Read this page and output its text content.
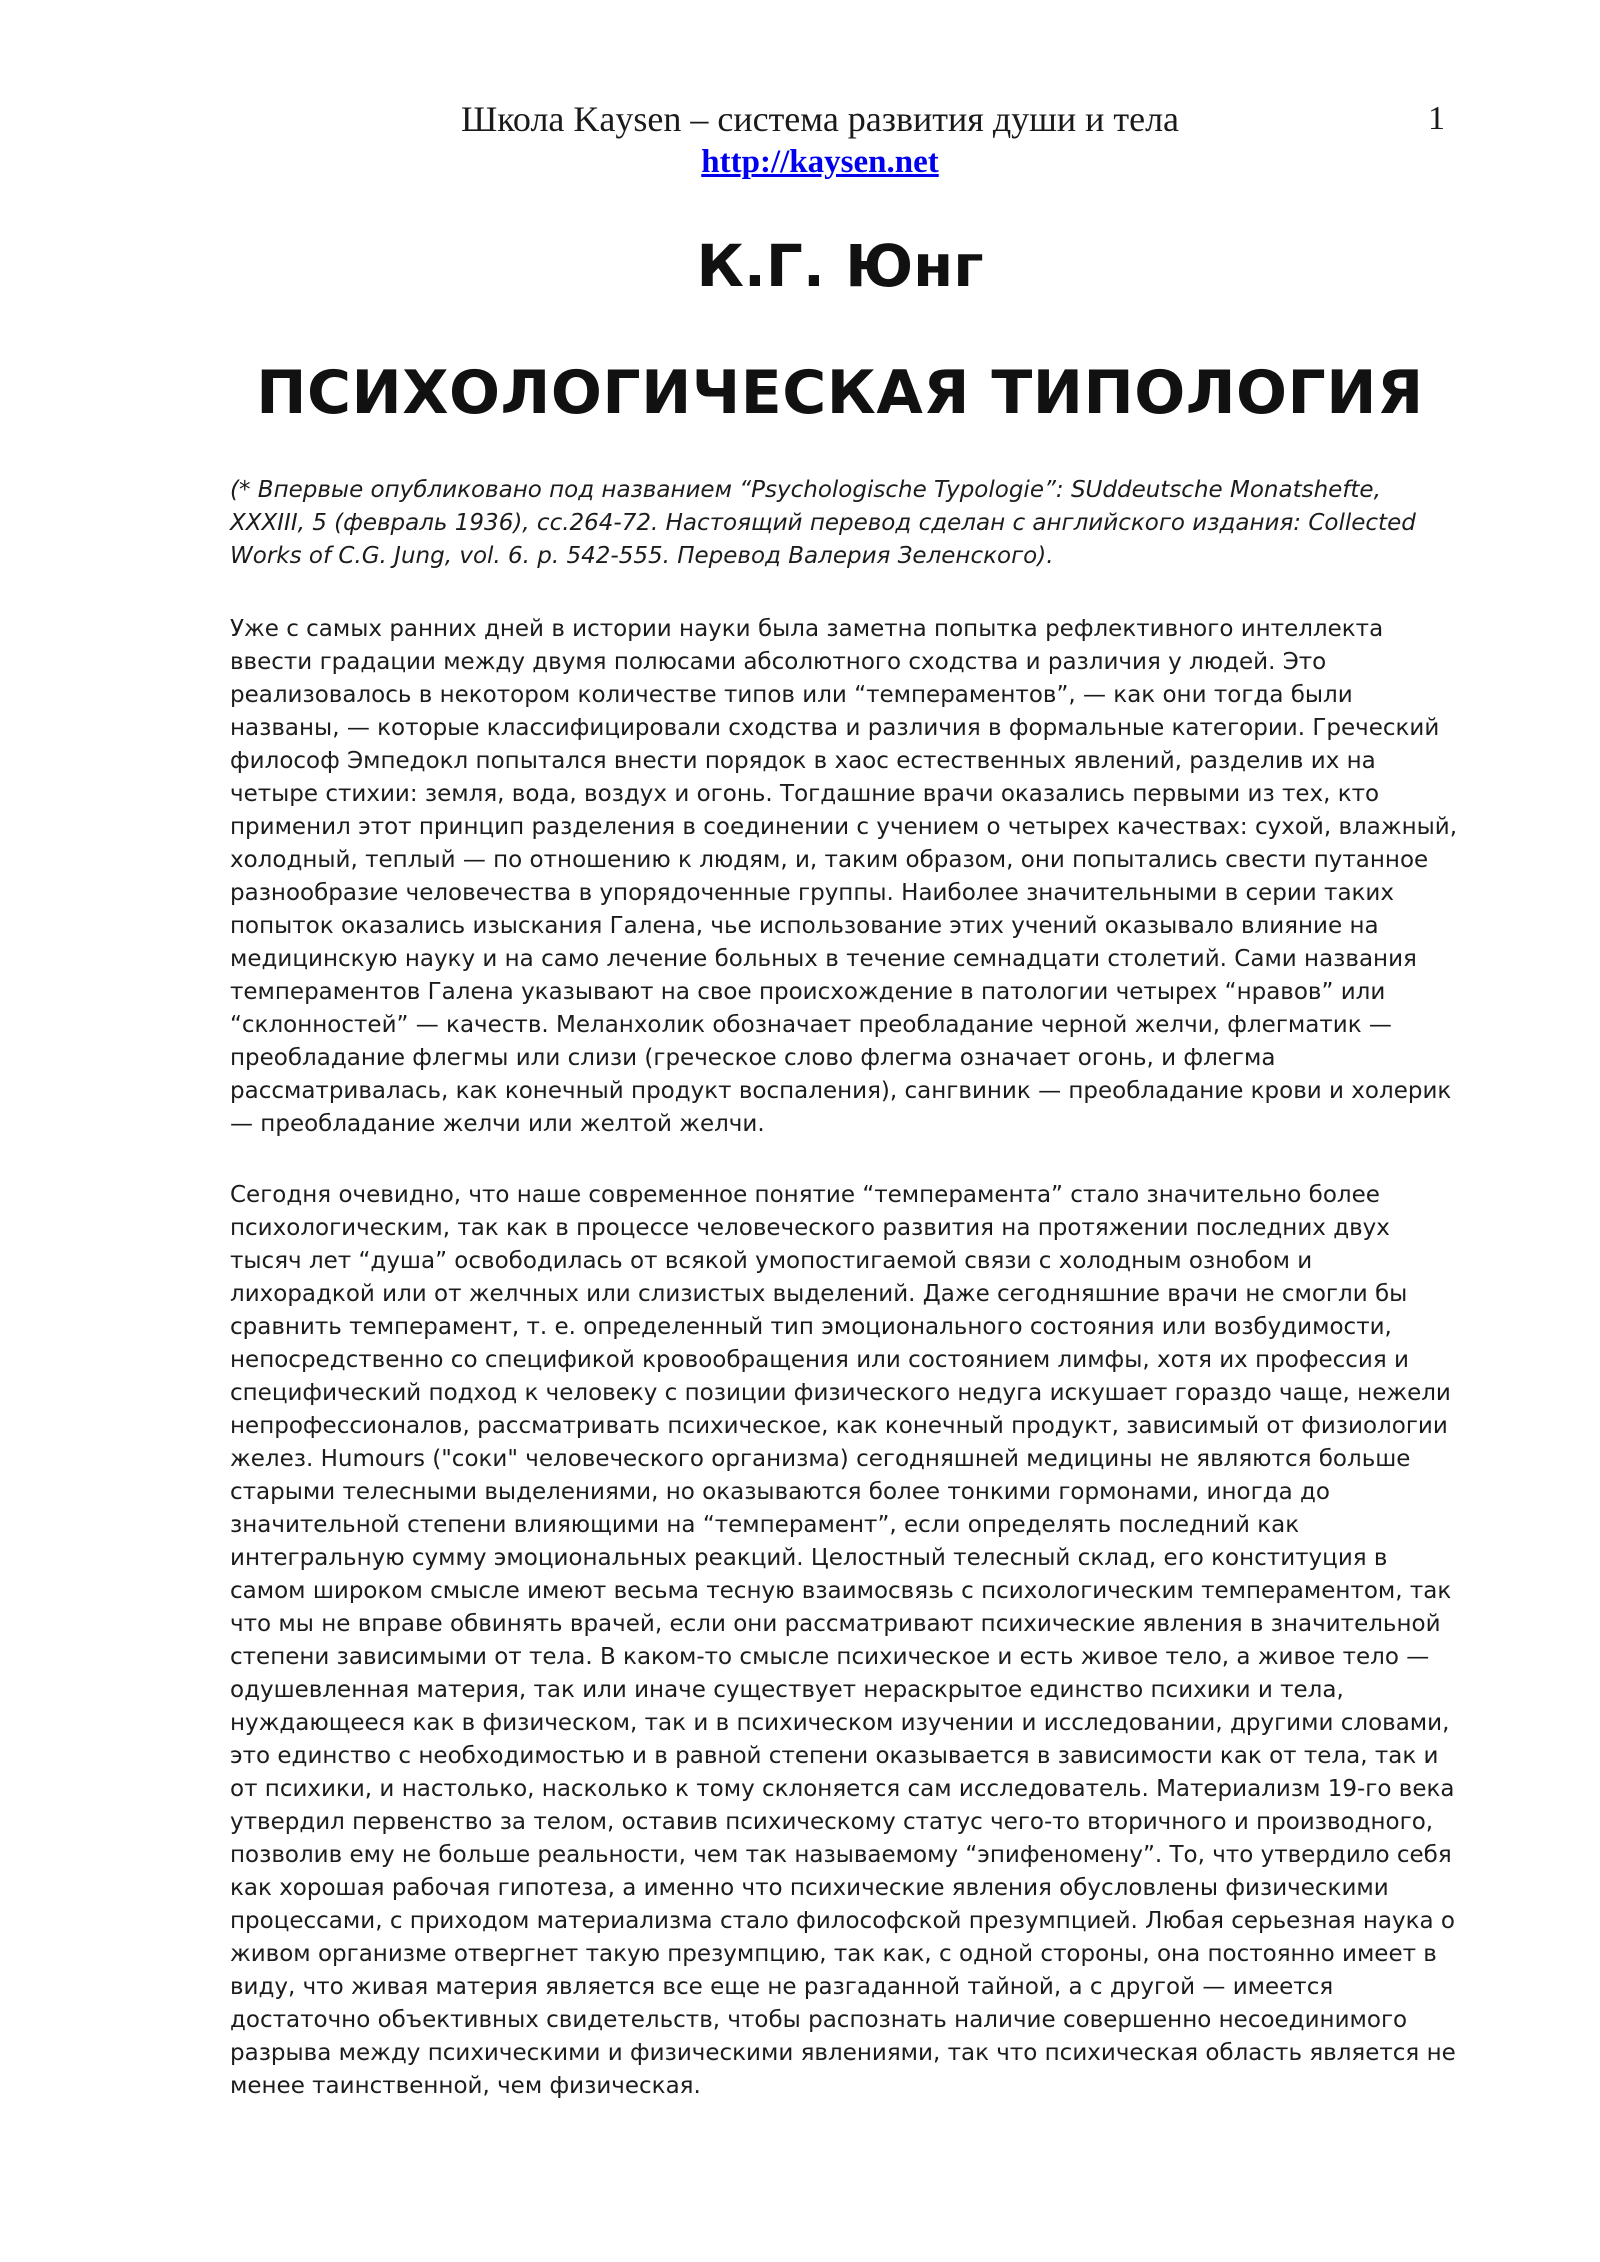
Школа Kaysen – система развития души и тела
http://kaysen.net
1
К.Г. Юнг
ПСИХОЛОГИЧЕСКАЯ ТИПОЛОГИЯ

(* Впервые опубликовано под названием “Psychologische Typologie”: SUddeutsche Monatshefte, XXXIII, 5 (февраль 1936), сс.264-72. Настоящий перевод сделан с английского издания: Collected Works of C.G. Jung, vol. 6. p. 542-555. Перевод Валерия Зеленского).

Уже с самых ранних дней в истории науки была заметна попытка рефлективного интеллекта ввести градации между двумя полюсами абсолютного сходства и различия у людей. Это реализовалось в некотором количестве типов или “темпераментов”, — как они тогда были названы, — которые классифицировали сходства и различия в формальные категории. Греческий философ Эмпедокл попытался внести порядок в хаос естественных явлений, разделив их на четыре стихии: земля, вода, воздух и огонь. Тогдашние врачи оказались первыми из тех, кто применил этот принцип разделения в соединении с учением о четырех качествах: сухой, влажный, холодный, теплый — по отношению к людям, и, таким образом, они попытались свести путанное разнообразие человечества в упорядоченные группы. Наиболее значительными в серии таких попыток оказались изыскания Галена, чье использование этих учений оказывало влияние на медицинскую науку и на само лечение больных в течение семнадцати столетий. Сами названия темпераментов Галена указывают на свое происхождение в патологии четырех “нравов” или “склонностей” — качеств. Меланхолик обозначает преобладание черной желчи, флегматик — преобладание флегмы или слизи (греческое слово флегма означает огонь, и флегма рассматривалась, как конечный продукт воспаления), сангвиник — преобладание крови и холерик — преобладание желчи или желтой желчи.

Сегодня очевидно, что наше современное понятие “темперамента” стало значительно более психологическим, так как в процессе человеческого развития на протяжении последних двух тысяч лет “душа” освободилась от всякой умопостигаемой связи с холодным ознобом и лихорадкой или от желчных или слизистых выделений. Даже сегодняшние врачи не смогли бы сравнить темперамент, т. е. определенный тип эмоционального состояния или возбудимости, непосредственно со спецификой кровообращения или состоянием лимфы, хотя их профессия и специфический подход к человеку с позиции физического недуга искушает гораздо чаще, нежели непрофессионалов, рассматривать психическое, как конечный продукт, зависимый от физиологии желез. Humours ("соки" человеческого организма) сегодняшней медицины не являются больше старыми телесными выделениями, но оказываются более тонкими гормонами, иногда до значительной степени влияющими на “темперамент”, если определять последний как интегральную сумму эмоциональных реакций. Целостный телесный склад, его конституция в самом широком смысле имеют весьма тесную взаимосвязь с психологическим темпераментом, так что мы не вправе обвинять врачей, если они рассматривают психические явления в значительной степени зависимыми от тела. В каком-то смысле психическое и есть живое тело, а живое тело — одушевленная материя, так или иначе существует нераскрытое единство психики и тела, нуждающееся как в физическом, так и в психическом изучении и исследовании, другими словами, это единство с необходимостью и в равной степени оказывается в зависимости как от тела, так и от психики, и настолько, насколько к тому склоняется сам исследователь. Материализм 19-го века утвердил первенство за телом, оставив психическому статус чего-то вторичного и производного, позволив ему не больше реальности, чем так называемому “эпифеномену”. То, что утвердило себя как хорошая рабочая гипотеза, а именно что психические явления обусловлены физическими процессами, с приходом материализма стало философской презумпцией. Любая серьезная наука о живом организме отвергнет такую презумпцию, так как, с одной стороны, она постоянно имеет в виду, что живая материя является все еще не разгаданной тайной, а с другой — имеется достаточно объективных свидетельств, чтобы распознать наличие совершенно несоединимого разрыва между психическими и физическими явлениями, так что психическая область является не менее таинственной, чем физическая.
